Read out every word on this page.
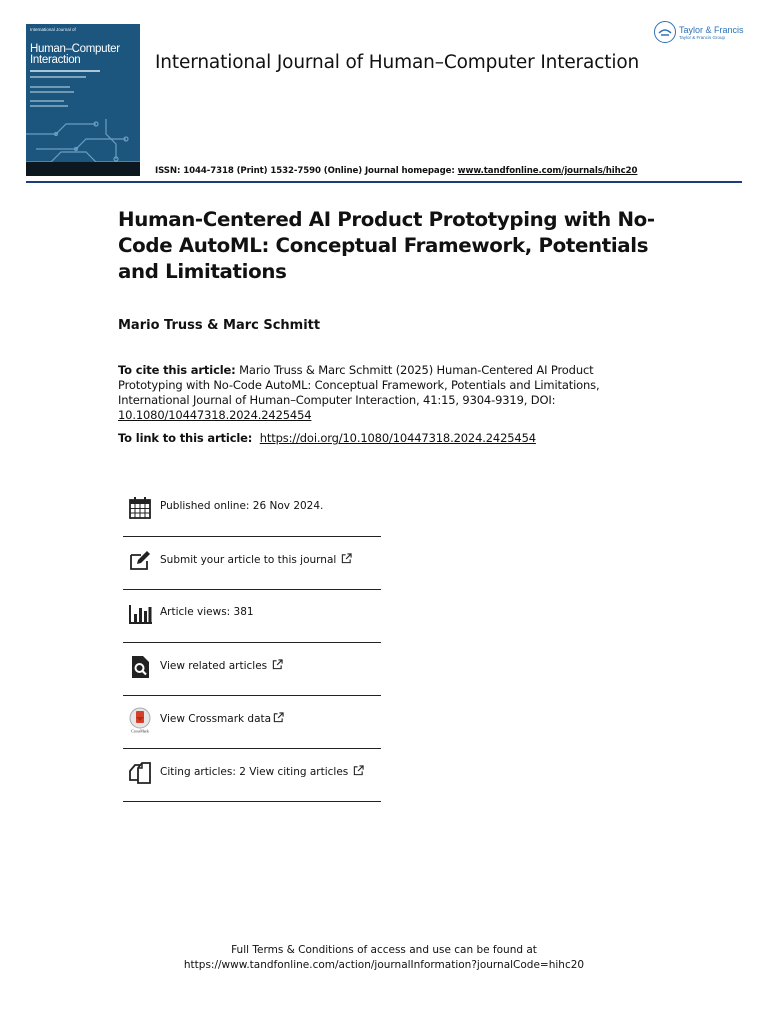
International Journal of
Human–Computer
Interaction	International Journal of Human–Computer Interaction
Taylor & Francis
Taylor & Francis Group
ISSN: 1044-7318 (Print) 1532-7590 (Online) Journal homepage: www.tandfonline.com/journals/hihc20
Human-Centered AI Product Prototyping with No-Code AutoML: Conceptual Framework, Potentials and Limitations
Mario Truss & Marc Schmitt
To cite this article: Mario Truss & Marc Schmitt (2025) Human-Centered AI Product Prototyping with No-Code AutoML: Conceptual Framework, Potentials and Limitations, International Journal of Human–Computer Interaction, 41:15, 9304-9319, DOI: 10.1080/10447318.2024.2425454
To link to this article: https://doi.org/10.1080/10447318.2024.2425454
Published online: 26 Nov 2024.
Submit your article to this journal
Article views: 381
View related articles
CrossMark
View Crossmark data
Citing articles: 2 View citing articles
Full Terms & Conditions of access and use can be found at
https://www.tandfonline.com/action/journalInformation?journalCode=hihc20
